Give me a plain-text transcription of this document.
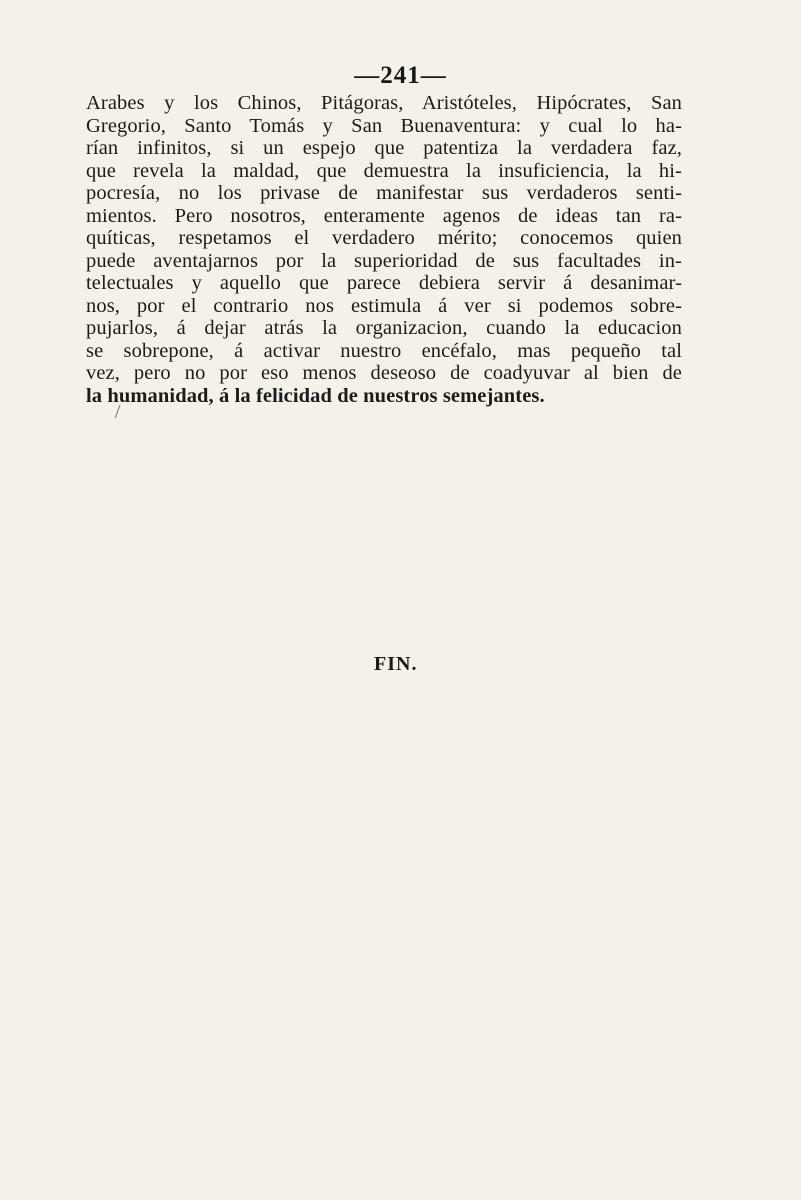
—241—
Arabes y los Chinos, Pitágoras, Aristóteles, Hipócrates, San
Gregorio, Santo Tomás y San Buenaventura: y cual lo ha-
rían infinitos, si un espejo que patentiza la verdadera faz,
que revela la maldad, que demuestra la insuficiencia, la hi-
pocresía, no los privase de manifestar sus verdaderos senti-
mientos. Pero nosotros, enteramente agenos de ideas tan ra-
quíticas, respetamos el verdadero mérito; conocemos quien
puede aventajarnos por la superioridad de sus facultades in-
telectuales y aquello que parece debiera servir á desanimar-
nos, por el contrario nos estimula á ver si podemos sobre-
pujarlos, á dejar atrás la organizacion, cuando la educacion
se sobrepone, á activar nuestro encéfalo, mas pequeño tal
vez, pero no por eso menos deseoso de coadyuvar al bien de
la humanidad, á la felicidad de nuestros semejantes.
FIN.
